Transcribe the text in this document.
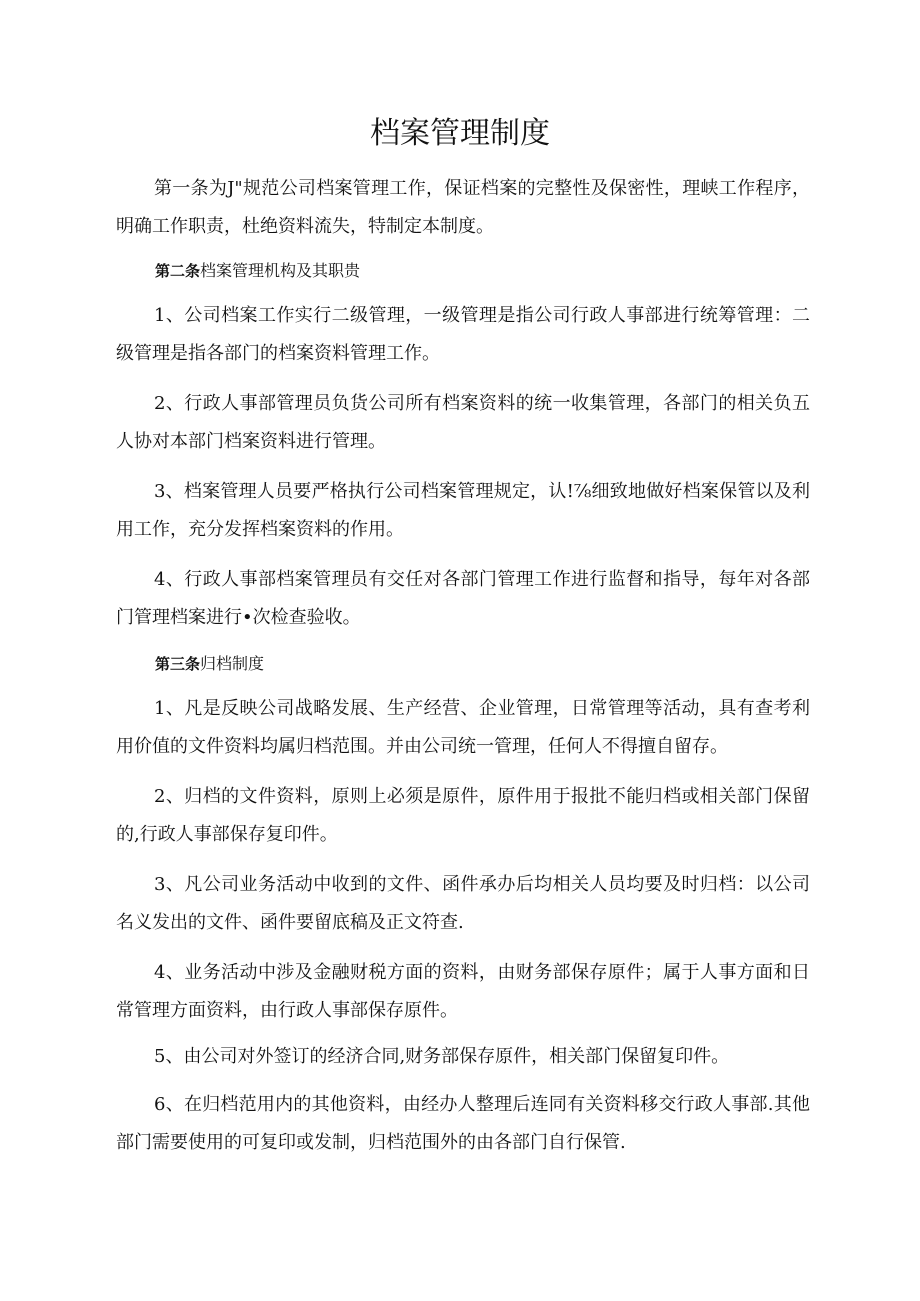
档案管理制度

第一条为J"规范公司档案管理工作，保证档案的完整性及保密性，理峡工作程序，明确工作职责，杜绝资料流失，特制定本制度。

第二条档案管理机构及其职贵

1、公司档案工作实行二级管理，一级管理是指公司行政人事部进行统筹管理：二级管理是指各部门的档案资料管理工作。

2、行政人事部管理员负货公司所有档案资料的统一收集管理，各部门的相关负五人协对本部门档案资料进行管理。

3、档案管理人员要严格执行公司档案管理规定，认!⅞细致地做好档案保管以及利用工作，充分发挥档案资料的作用。

4、行政人事部档案管理员有交任对各部门管理工作进行监督和指导，每年对各部门管理档案进行•次检查验收。

第三条归档制度

1、凡是反映公司战略发展、生产经营、企业管理，日常管理等活动，具有查考利用价值的文件资料均属归档范围。并由公司统一管理，任何人不得擅自留存。

2、归档的文件资料，原则上必须是原件，原件用于报批不能归档或相关部门保留的,行政人事部保存复印件。

3、凡公司业务活动中收到的文件、函件承办后均相关人员均要及时归档：以公司名义发出的文件、函件要留底稿及正文符查.

4、业务活动中涉及金融财税方面的资料，由财务部保存原件；属于人事方面和日常管理方面资料，由行政人事部保存原件。

5、由公司对外签订的经济合同,财务部保存原件，相关部门保留复印件。

6、在归档范用内的其他资料，由经办人整理后连同有关资料移交行政人事部.其他部门需要使用的可复印或发制，归档范围外的由各部门自行保管.
